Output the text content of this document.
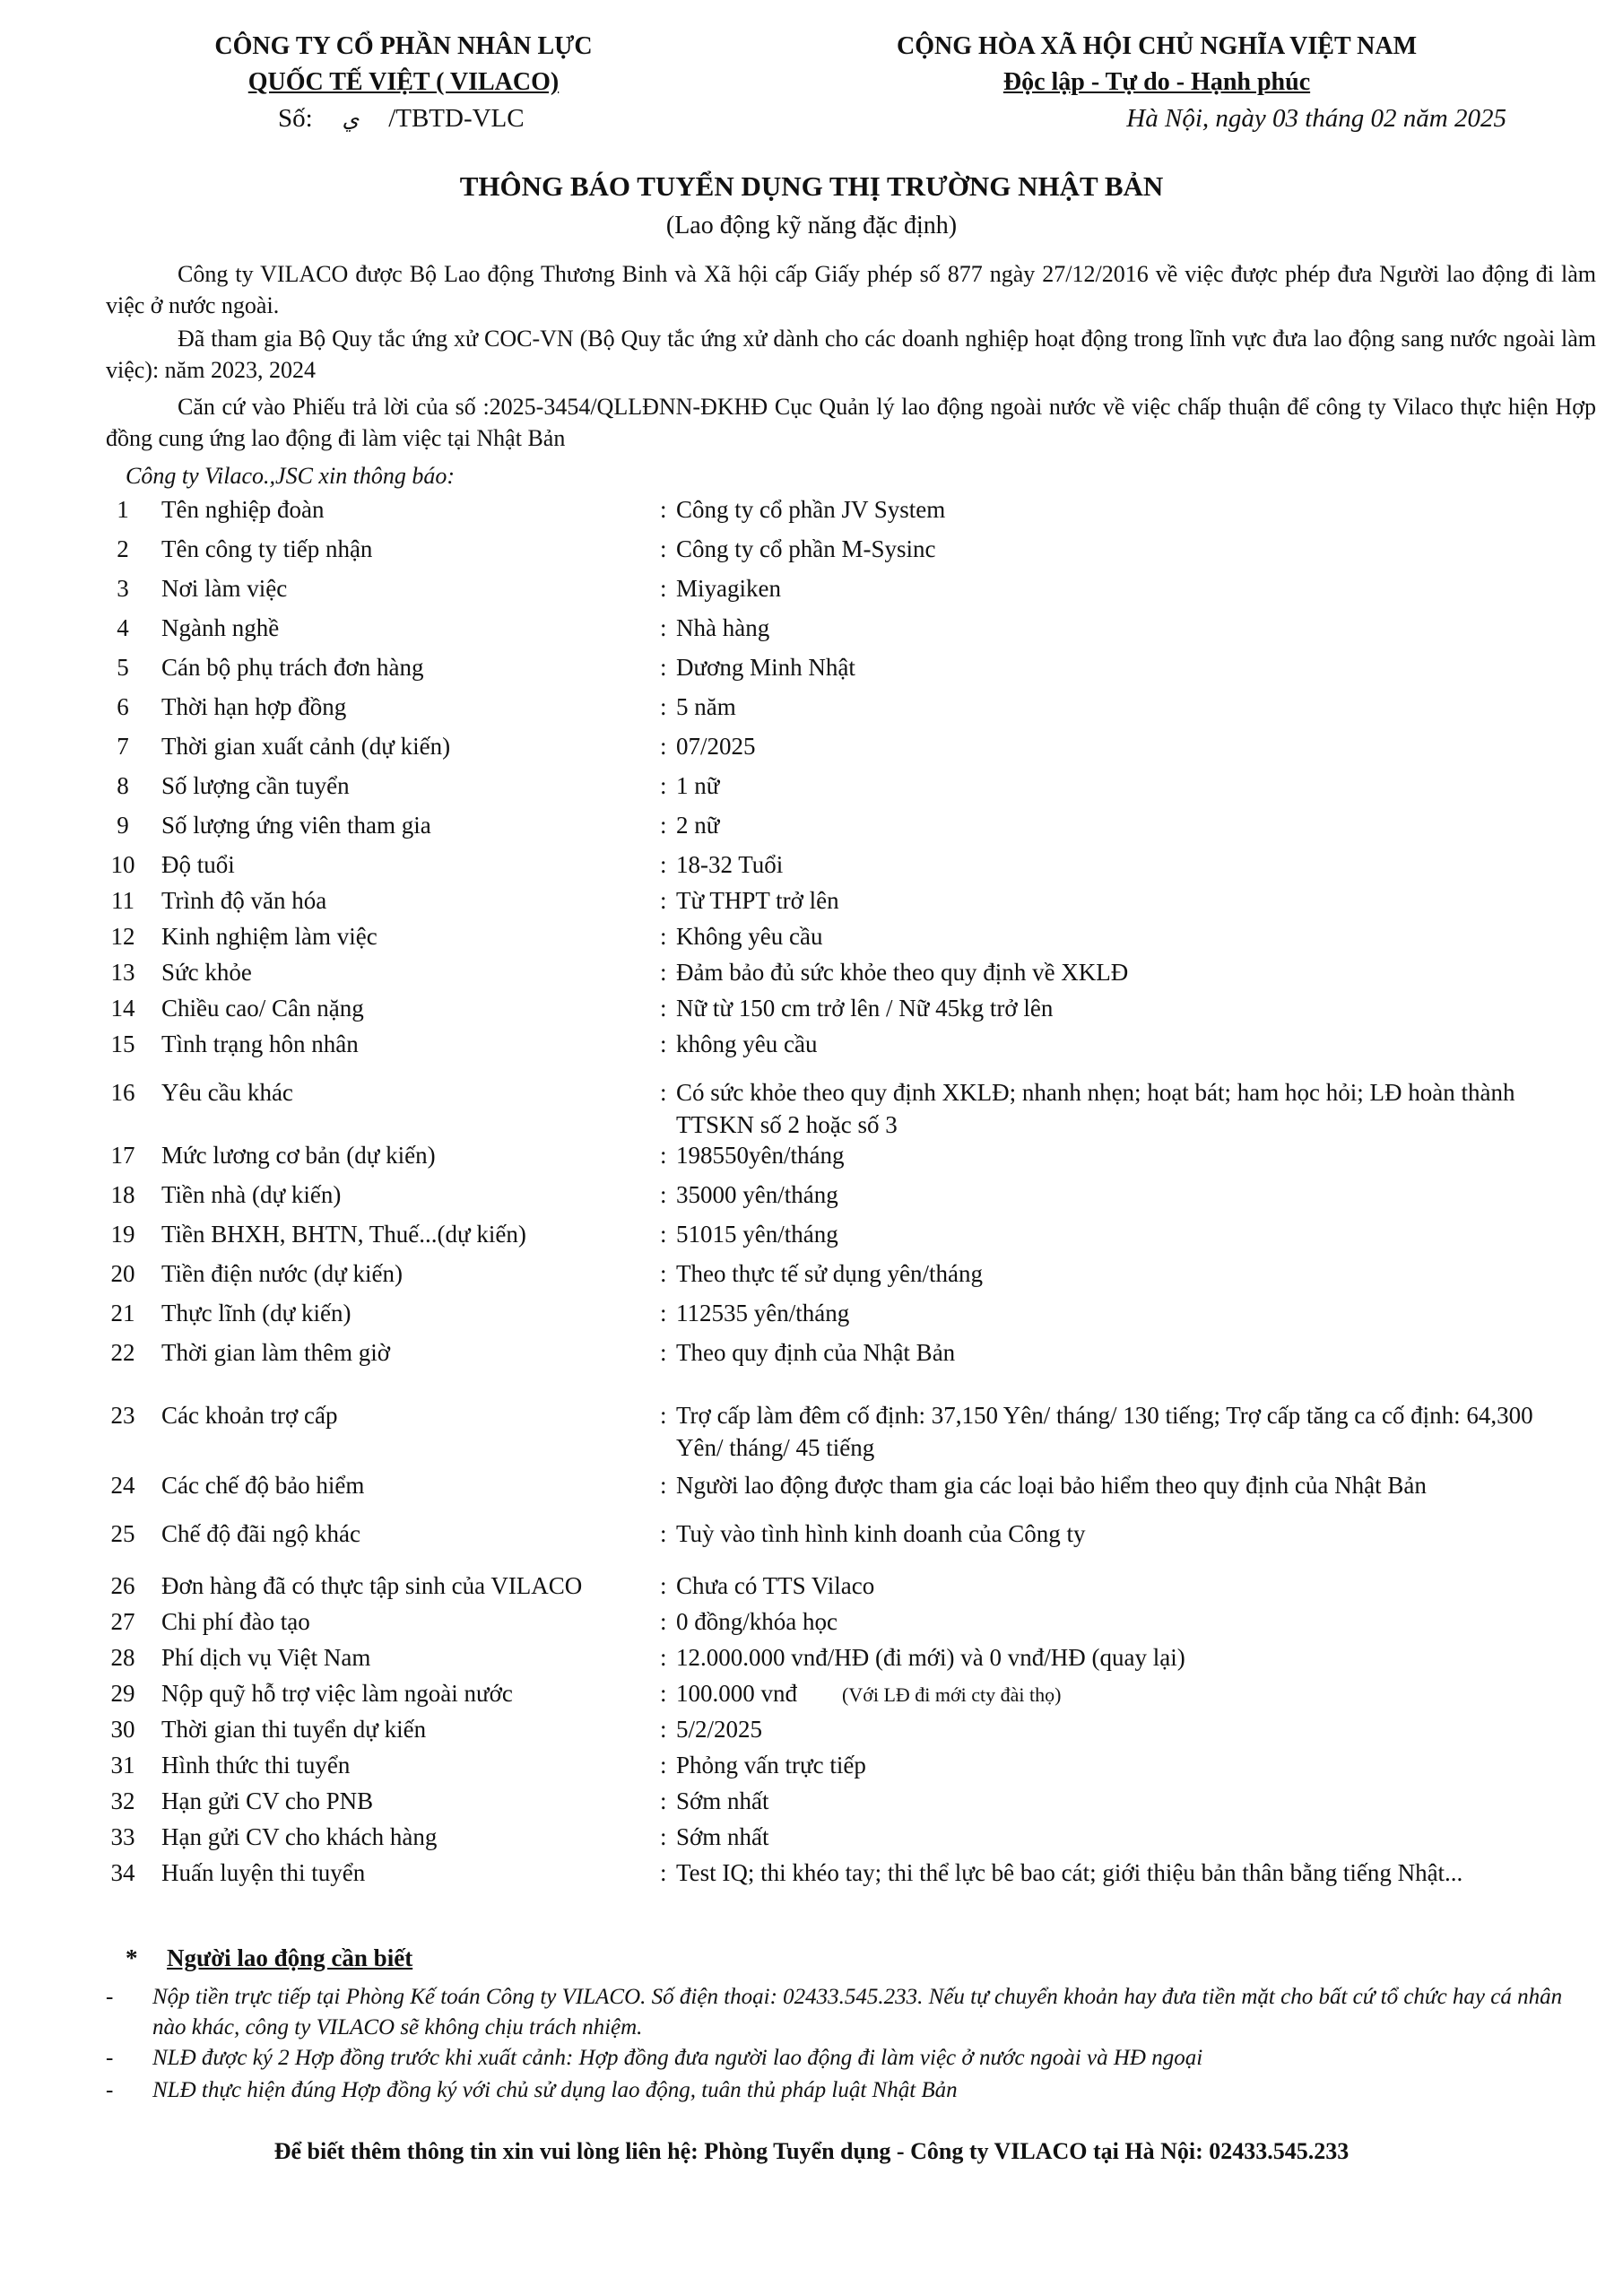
CÔNG TY CỔ PHẦN NHÂN LỰC
QUỐC TẾ VIỆT ( VILACO)
Số: ي /TBTD-VLC
CỘNG HÒA XÃ HỘI CHỦ NGHĨA VIỆT NAM
Độc lập - Tự do - Hạnh phúc
Hà Nội, ngày 03 tháng 02 năm 2025
THÔNG BÁO TUYỂN DỤNG THỊ TRƯỜNG NHẬT BẢN
(Lao động kỹ năng đặc định)

Công ty VILACO được Bộ Lao động Thương Binh và Xã hội cấp Giấy phép số 877 ngày 27/12/2016 về việc được phép đưa Người lao động đi làm việc ở nước ngoài.

Đã tham gia Bộ Quy tắc ứng xử COC-VN (Bộ Quy tắc ứng xử dành cho các doanh nghiệp hoạt động trong lĩnh vực đưa lao động sang nước ngoài làm việc): năm 2023, 2024

Căn cứ vào Phiếu trả lời của số :2025-3454/QLLĐNN-ĐKHĐ Cục Quản lý lao động ngoài nước về việc chấp thuận để công ty Vilaco thực hiện Hợp đồng cung ứng lao động đi làm việc tại Nhật Bản

Công ty Vilaco.,JSC xin thông báo:
1	Tên nghiệp đoàn	: Công ty cổ phần JV System
2	Tên công ty tiếp nhận	: Công ty cổ phần M-Sysinc
3	Nơi làm việc	: Miyagiken
4	Ngành nghề	: Nhà hàng
5	Cán bộ phụ trách đơn hàng	: Dương Minh Nhật
6	Thời hạn hợp đồng	: 5 năm
7	Thời gian xuất cảnh (dự kiến)	: 07/2025
8	Số lượng cần tuyển	: 1 nữ
9	Số lượng ứng viên tham gia	: 2 nữ
10	Độ tuổi	: 18-32 Tuổi
11	Trình độ văn hóa	: Từ THPT trở lên
12	Kinh nghiệm làm việc	: Không yêu cầu
13	Sức khỏe	: Đảm bảo đủ sức khỏe theo quy định về XKLĐ
14	Chiều cao/ Cân nặng	: Nữ từ 150 cm trở lên / Nữ 45kg trở lên
15	Tình trạng hôn nhân	: không yêu cầu
16	Yêu cầu khác	: Có sức khỏe theo quy định XKLĐ; nhanh nhẹn; hoạt bát; ham học hỏi; LĐ hoàn thành TTSKN số 2 hoặc số 3
17	Mức lương cơ bản (dự kiến)	: 198550yên/tháng
18	Tiền nhà (dự kiến)	: 35000 yên/tháng
19	Tiền BHXH, BHTN, Thuế...(dự kiến)	: 51015 yên/tháng
20	Tiền điện nước (dự kiến)	: Theo thực tế sử dụng yên/tháng
21	Thực lĩnh (dự kiến)	: 112535 yên/tháng
22	Thời gian làm thêm giờ	: Theo quy định của Nhật Bản
23	Các khoản trợ cấp	: Trợ cấp làm đêm cố định: 37,150 Yên/ tháng/ 130 tiếng; Trợ cấp tăng ca cố định: 64,300 Yên/ tháng/ 45 tiếng
24	Các chế độ bảo hiểm	: Người lao động được tham gia các loại bảo hiểm theo quy định của Nhật Bản
25	Chế độ đãi ngộ khác	: Tuỳ vào tình hình kinh doanh của Công ty
26	Đơn hàng đã có thực tập sinh của VILACO	: Chưa có TTS Vilaco
27	Chi phí đào tạo	: 0 đồng/khóa học
28	Phí dịch vụ Việt Nam	: 12.000.000 vnđ/HĐ (đi mới) và 0 vnđ/HĐ (quay lại)
29	Nộp quỹ hỗ trợ việc làm ngoài nước	: 100.000 vnđ (Với LĐ đi mới cty đài thọ)
30	Thời gian thi tuyển dự kiến	: 5/2/2025
31	Hình thức thi tuyển	: Phỏng vấn trực tiếp
32	Hạn gửi CV cho PNB	: Sớm nhất
33	Hạn gửi CV cho khách hàng	: Sớm nhất
34	Huấn luyện thi tuyển	: Test IQ; thi khéo tay; thi thể lực bê bao cát; giới thiệu bản thân bằng tiếng Nhật...
* Người lao động cần biết
-	Nộp tiền trực tiếp tại Phòng Kế toán Công ty VILACO. Số điện thoại: 02433.545.233. Nếu tự chuyển khoản hay đưa tiền mặt cho bất cứ tổ chức hay cá nhân nào khác, công ty VILACO sẽ không chịu trách nhiệm.
-	NLĐ được ký 2 Hợp đồng trước khi xuất cảnh: Hợp đồng đưa người lao động đi làm việc ở nước ngoài và HĐ ngoại
-	NLĐ thực hiện đúng Hợp đồng ký với chủ sử dụng lao động, tuân thủ pháp luật Nhật Bản
Để biết thêm thông tin xin vui lòng liên hệ: Phòng Tuyển dụng - Công ty VILACO tại Hà Nội: 02433.545.233
